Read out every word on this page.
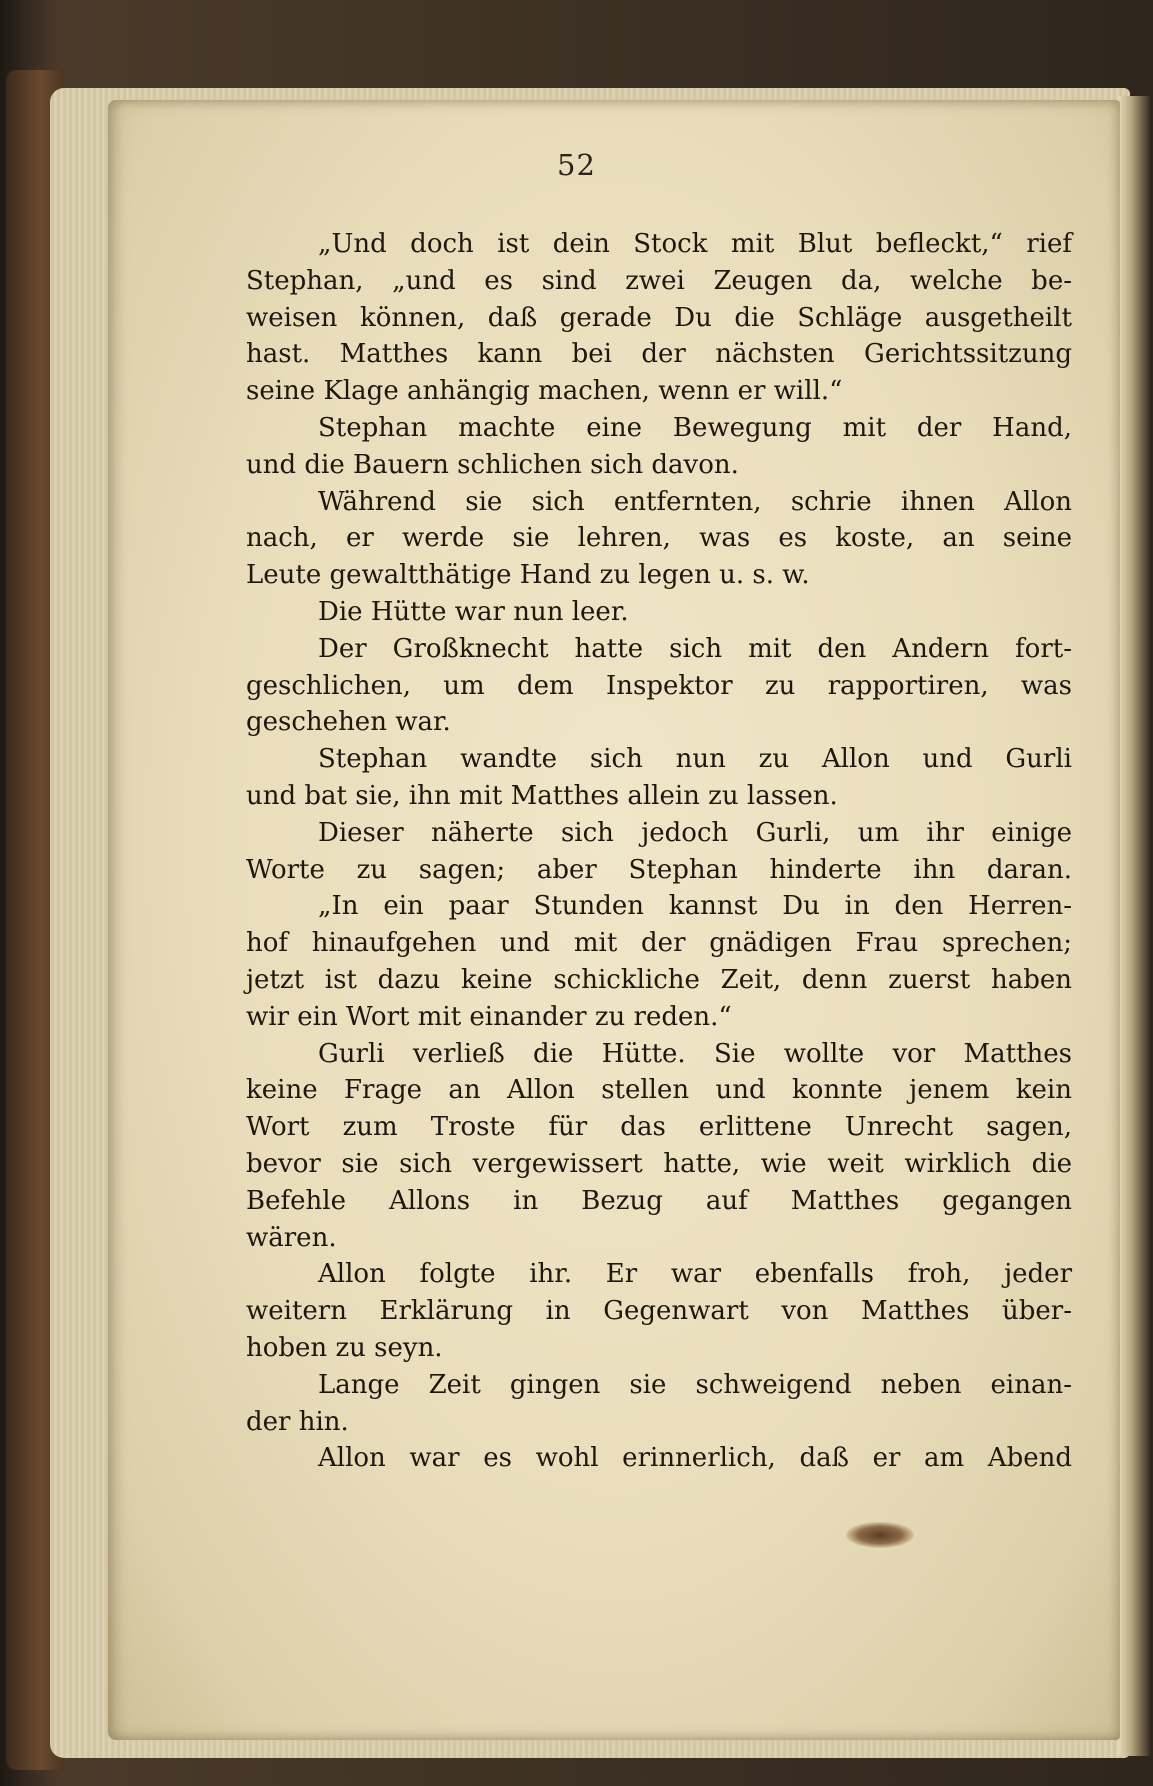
52
„Und doch ist dein Stock mit Blut befleckt,“ rief
Stephan, „und es sind zwei Zeugen da, welche be-
weisen können, daß gerade Du die Schläge ausgetheilt
hast. Matthes kann bei der nächsten Gerichtssitzung
seine Klage anhängig machen, wenn er will.“
Stephan machte eine Bewegung mit der Hand,
und die Bauern schlichen sich davon.
Während sie sich entfernten, schrie ihnen Allon
nach, er werde sie lehren, was es koste, an seine
Leute gewaltthätige Hand zu legen u. s. w.
Die Hütte war nun leer.
Der Großknecht hatte sich mit den Andern fort-
geschlichen, um dem Inspektor zu rapportiren, was
geschehen war.
Stephan wandte sich nun zu Allon und Gurli
und bat sie, ihn mit Matthes allein zu lassen.
Dieser näherte sich jedoch Gurli, um ihr einige
Worte zu sagen; aber Stephan hinderte ihn daran.
„In ein paar Stunden kannst Du in den Herren-
hof hinaufgehen und mit der gnädigen Frau sprechen;
jetzt ist dazu keine schickliche Zeit, denn zuerst haben
wir ein Wort mit einander zu reden.“
Gurli verließ die Hütte. Sie wollte vor Matthes
keine Frage an Allon stellen und konnte jenem kein
Wort zum Troste für das erlittene Unrecht sagen,
bevor sie sich vergewissert hatte, wie weit wirklich die
Befehle Allons in Bezug auf Matthes gegangen
wären.
Allon folgte ihr. Er war ebenfalls froh, jeder
weitern Erklärung in Gegenwart von Matthes über-
hoben zu seyn.
Lange Zeit gingen sie schweigend neben einan-
der hin.
Allon war es wohl erinnerlich, daß er am Abend
